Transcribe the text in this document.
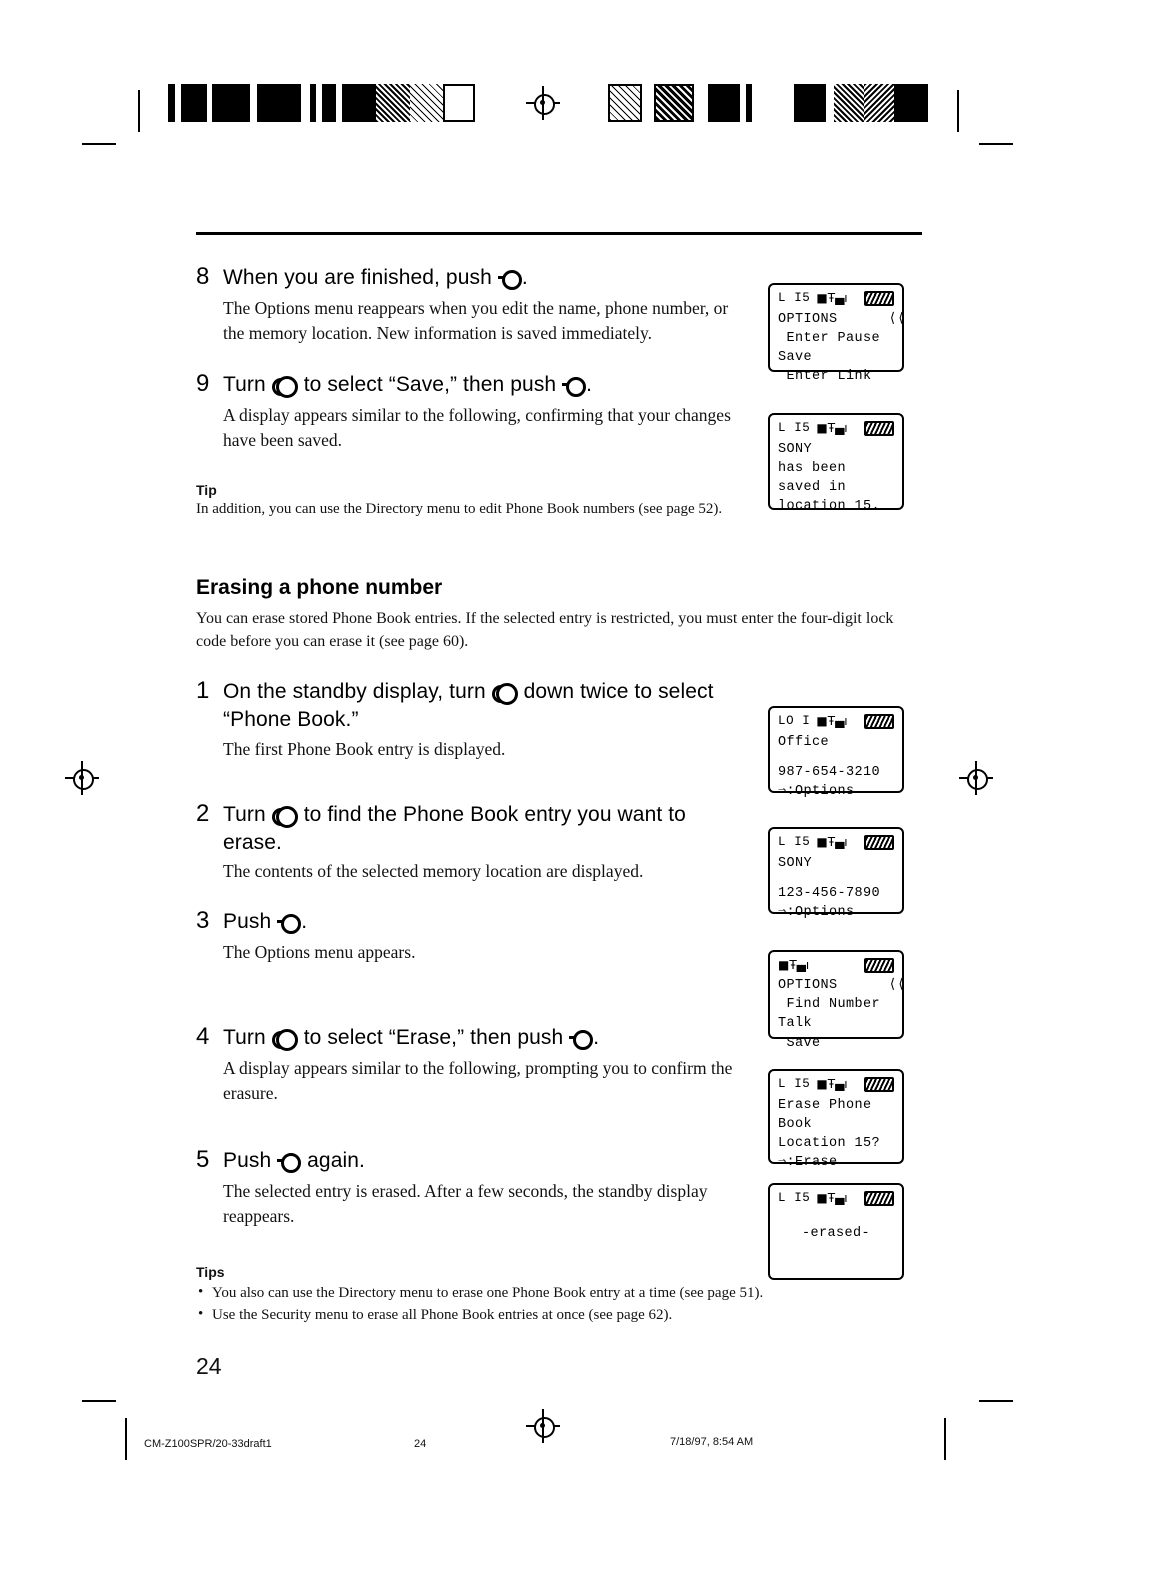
8 When you are finished, push .
The Options menu reappears when you edit the name, phone number, or the memory location. New information is saved immediately.
9 Turn to select “Save,” then push .
A display appears similar to the following, confirming that your changes have been saved.
Tip
In addition, you can use the Directory menu to edit Phone Book numbers (see page 52).
Erasing a phone number
You can erase stored Phone Book entries. If the selected entry is restricted, you must enter the four-digit lock code before you can erase it (see page 60).
1 On the standby display, turn down twice to select “Phone Book.”
The first Phone Book entry is displayed.
2 Turn to find the Phone Book entry you want to erase.
The contents of the selected memory location are displayed.
3 Push .
The Options menu appears.
4 Turn to select “Erase,” then push .
A display appears similar to the following, prompting you to confirm the erasure.
5 Push again.
The selected entry is erased. After a few seconds, the standby display reappears.
Tips
• You also can use the Directory menu to erase one Phone Book entry at a time (see page 51).
• Use the Security menu to erase all Phone Book entries at once (see page 62).
24
L I5 ■Ŧ▄ı
OPTIONS      ⟨⟨
Enter Pause
Save
Enter Link
L I5 ■Ŧ▄ı
SONY
has been
saved in
location 15.
LO I ■Ŧ▄ı
Office
987-654-3210
⇒:Options
L I5 ■Ŧ▄ı
SONY
123-456-7890
⇒:Options
■Ŧ▄ı
OPTIONS      ⟨⟨
Find Number
Talk
Save
L I5 ■Ŧ▄ı
Erase Phone
Book
Location 15?
⇒:Erase
L I5 ■Ŧ▄ı
-erased-
CM-Z100SPR/20-33draft1	24	7/18/97, 8:54 AM
